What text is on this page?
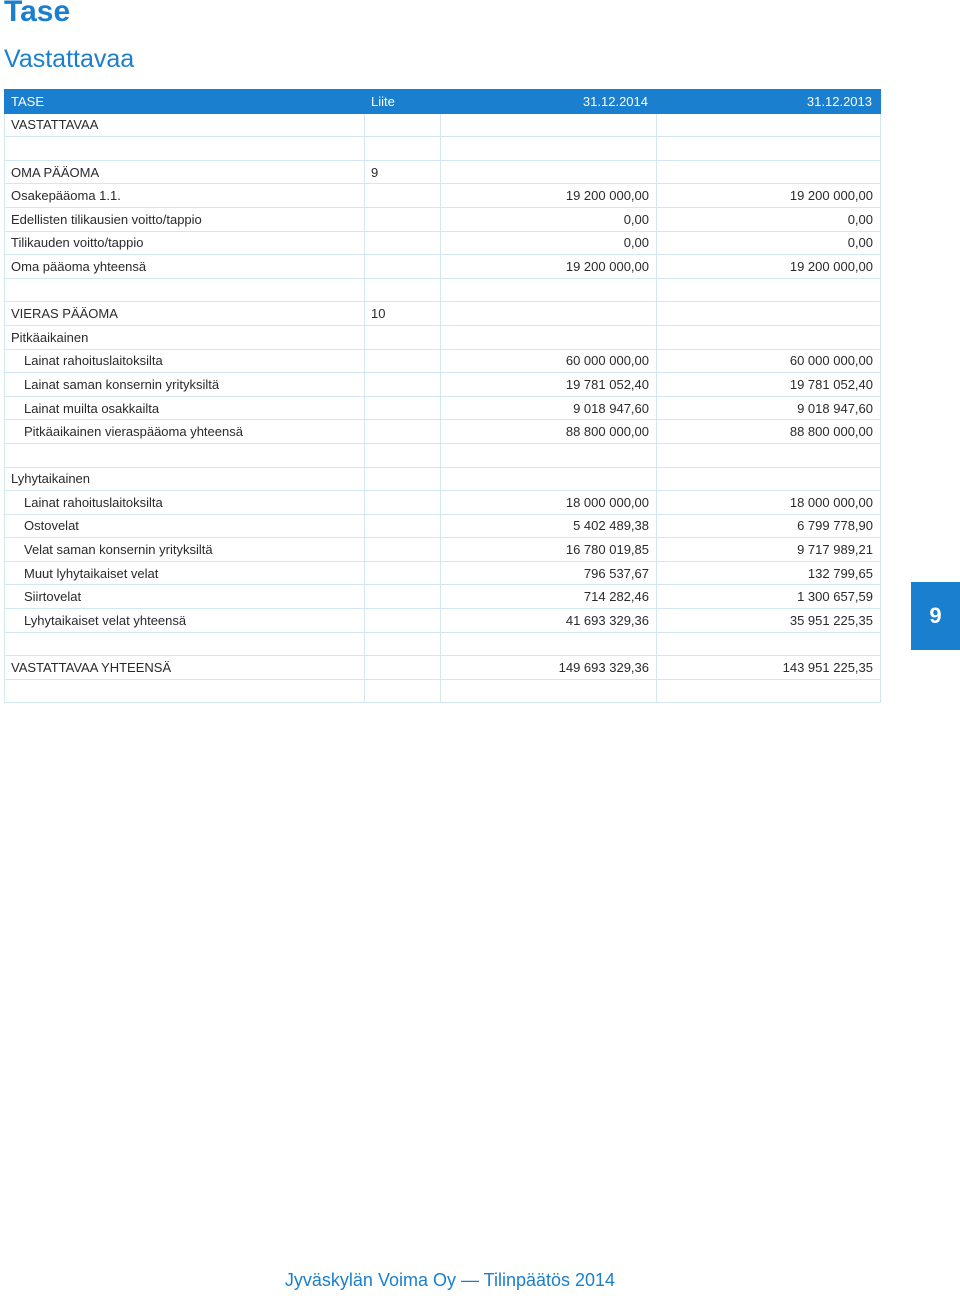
Tase
Vastattavaa
TASE	Liite	31.12.2014	31.12.2013
VASTATTAVAA			

OMA PÄÄOMA	9		
Osakepääoma 1.1.		19 200 000,00	19 200 000,00
Edellisten tilikausien voitto/tappio		0,00	0,00
Tilikauden voitto/tappio		0,00	0,00
Oma pääoma yhteensä		19 200 000,00	19 200 000,00

VIERAS PÄÄOMA	10		
Pitkäaikainen			
Lainat rahoituslaitoksilta		60 000 000,00	60 000 000,00
Lainat saman konsernin yrityksiltä		19 781 052,40	19 781 052,40
Lainat muilta osakkailta		9 018 947,60	9 018 947,60
Pitkäaikainen vieraspääoma yhteensä		88 800 000,00	88 800 000,00

Lyhytaikainen			
Lainat rahoituslaitoksilta		18 000 000,00	18 000 000,00
Ostovelat		5 402 489,38	6 799 778,90
Velat saman konsernin yrityksiltä		16 780 019,85	9 717 989,21
Muut lyhytaikaiset velat		796 537,67	132 799,65
Siirtovelat		714 282,46	1 300 657,59
Lyhytaikaiset velat yhteensä		41 693 329,36	35 951 225,35

VASTATTAVAA YHTEENSÄ		149 693 329,36	143 951 225,35

9
Jyväskylän Voima Oy — Tilinpäätös 2014
